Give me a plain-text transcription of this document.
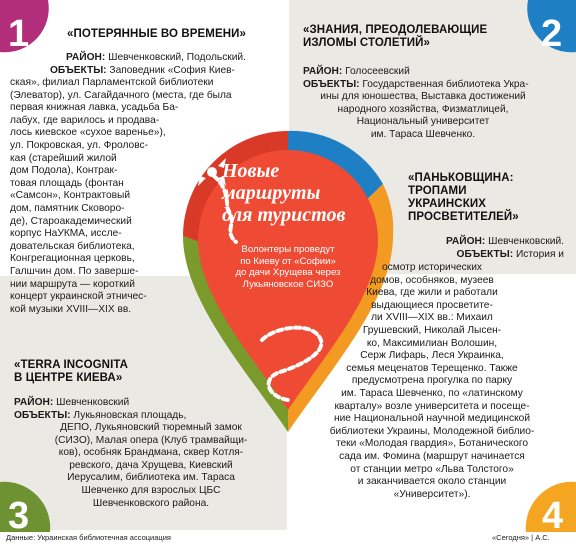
1	2
3	4
«ПОТЕРЯННЫЕ ВО ВРЕМЕНИ»
РАЙОН: Шевченковский, Подольский.
ОБЪЕКТЫ: Заповедник «София Киев-
ская», филиал Парламентской библиотеки
(Элеватор), ул. Сагайдачного (места, где была
первая книжная лавка, усадьба Ба-
лабух, где варилось и продава-
лось киевское «сухое варенье»),
ул. Покровская, ул. Фроловс-
кая (старейший жилой
дом Подола), Контрак-
товая площадь (фонтан
«Самсон», Контрактовый
дом, памятник Сковоро-
де), Староакадемический
корпус НаУКМА, иссле-
довательская библиотека,
Конгрегационная церковь,
Галшчин дом. По заверше-
нии маршрута — короткий
концерт украинской этничес-
кой музыки XVIII—XIX вв.
«ЗНАНИЯ, ПРЕОДОЛЕВАЮЩИЕ
ИЗЛОМЫ СТОЛЕТИЙ»
РАЙОН: Голосеевский
ОБЪЕКТЫ: Государственная библиотека Укра-
ины для юношества, Выставка достижений
народного хозяйства, Физматлицей,
Национальный университет
им. Тараса Шевченко.
«ПАНЬКОВЩИНА:
ТРОПАМИ
УКРАИНСКИХ
ПРОСВЕТИТЕЛЕЙ»
РАЙОН: Шевченковский.
ОБЪЕКТЫ: История и
осмотр исторических
домов, особняков, музеев
Киева, где жили и работали
выдающиеся просветите-
ли XVIII—XIX вв.: Михаил
Грушевский, Николай Лысен-
ко, Максимилиан Волошин,
Серж Лифарь, Леся Украинка,
семья меценатов Терещенко. Также
предусмотрена прогулка по парку
им. Тараса Шевченко, по «латинскому
кварталу» возле университета и посеще-
ние Национальной научной медицинской
библиотеки Украины, Молодежной библио-
теки «Молодая гвардия», Ботанического
сада им. Фомина (маршрут начинается
от станции метро «Льва Толстого»
и заканчивается около станции
«Университет»).
«TERRA INCOGNITA
В ЦЕНТРЕ КИЕВА»
РАЙОН: Шевченковский
ОБЪЕКТЫ: Лукьяновская площадь,
ДЕПО, Лукьяновский тюремный замок
(СИЗО), Малая опера (Клуб трамвайщи-
ков), особняк Брандмана, сквер Котля-
ревского, дача Хрущева, Киевский
Иерусалим, библиотека им. Тараса
Шевченко для взрослых ЦБС
Шевченковского района.
Новые
маршруты
для туристов
Волонтеры проведут
по Киеву от «Софии»
до дачи Хрущева через
Лукьяновское СИЗО
Данные: Украинская библиотечная ассоциация	«Сегодня» | А.С.
